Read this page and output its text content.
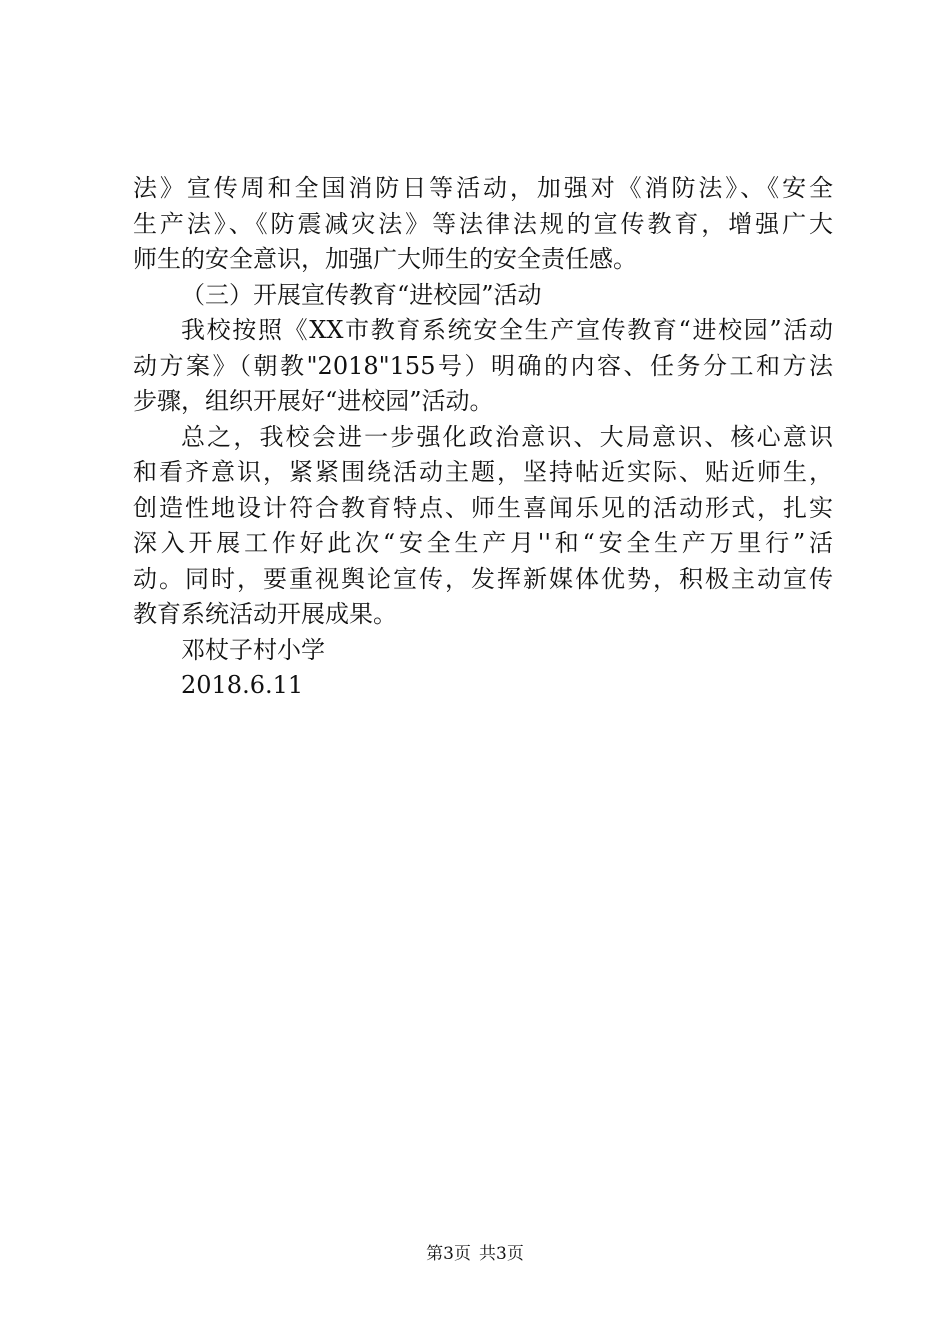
法》宣传周和全国消防日等活动，加强对《消防法》、《安全
生产法》、《防震减灾法》等法律法规的宣传教育，增强广大
师生的安全意识，加强广大师生的安全责任感。
（三）开展宣传教育“进校园”活动
我校按照《XX市教育系统安全生产宣传教育“进校园”活动
动方案》（朝教"2018"155号）明确的内容、任务分工和方法
步骤，组织开展好“进校园”活动。
总之，我校会进一步强化政治意识、大局意识、核心意识
和看齐意识，紧紧围绕活动主题，坚持帖近实际、贴近师生，
创造性地设计符合教育特点、师生喜闻乐见的活动形式，扎实
深入开展工作好此次“安全生产月''和“安全生产万里行”活
动。同时，要重视舆论宣传，发挥新媒体优势，积极主动宣传
教育系统活动开展成果。
邓杖子村小学
2018.6.11
第3页 共3页
